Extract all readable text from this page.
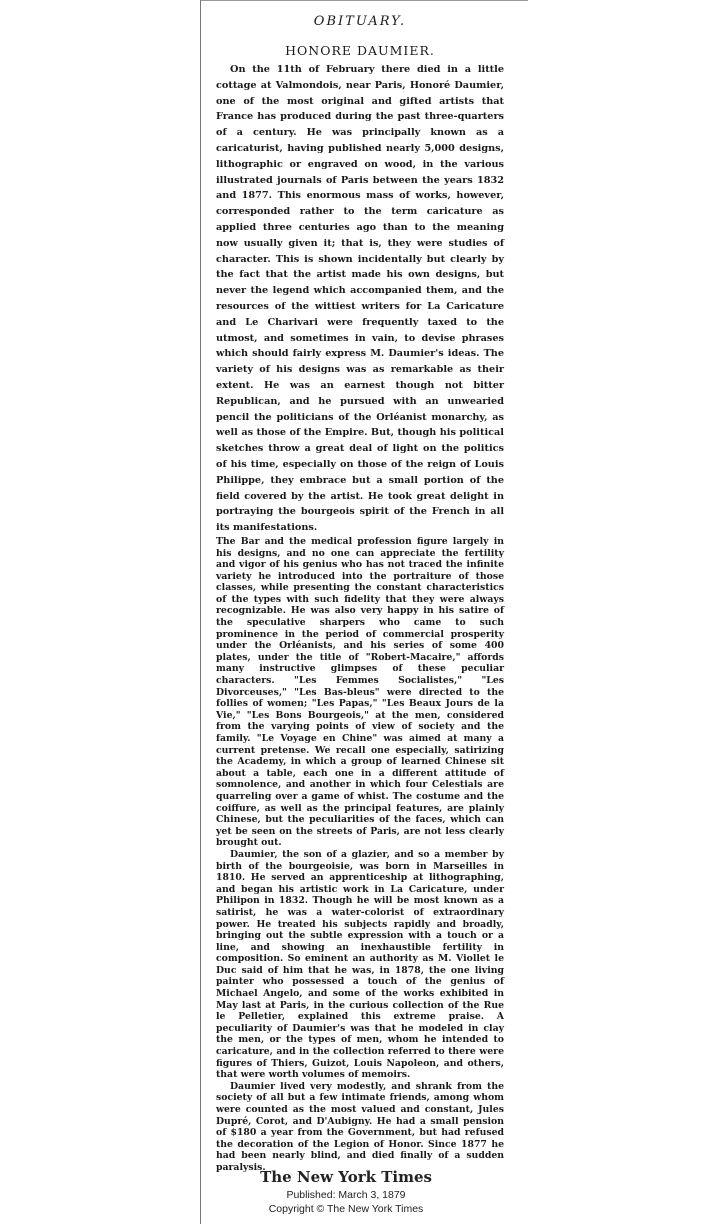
OBITUARY.
HONORE DAUMIER.

On the 11th of February there died in a little cottage at Valmondois, near Paris, Honoré Daumier, one of the most original and gifted artists that France has produced during the past three-quarters of a century. He was principally known as a caricaturist, having published nearly 5,000 designs, lithographic or engraved on wood, in the various illustrated journals of Paris between the years 1832 and 1877. This enormous mass of works, however, corresponded rather to the term caricature as applied three centuries ago than to the meaning now usually given it; that is, they were studies of character. This is shown incidentally but clearly by the fact that the artist made his own designs, but never the legend which accompanied them, and the resources of the wittiest writers for La Caricature and Le Charivari were frequently taxed to the utmost, and sometimes in vain, to devise phrases which should fairly express M. Daumier's ideas. The variety of his designs was as remarkable as their extent. He was an earnest though not bitter Republican, and he pursued with an unwearied pencil the politicians of the Orléanist monarchy, as well as those of the Empire. But, though his political sketches throw a great deal of light on the politics of his time, especially on those of the reign of Louis Philippe, they embrace but a small portion of the field covered by the artist. He took great delight in portraying the bourgeois spirit of the French in all its manifestations.

The Bar and the medical profession figure largely in his designs, and no one can appreciate the fertility and vigor of his genius who has not traced the infinite variety he introduced into the portraiture of those classes, while presenting the constant characteristics of the types with such fidelity that they were always recognizable. He was also very happy in his satire of the speculative sharpers who came to such prominence in the period of commercial prosperity under the Orléanists, and his series of some 400 plates, under the title of "Robert-Macaire," affords many instructive glimpses of these peculiar characters. "Les Femmes Socialistes," "Les Divorceuses," "Les Bas-bleus" were directed to the follies of women; "Les Papas," "Les Beaux Jours de la Vie," "Les Bons Bourgeois," at the men, considered from the varying points of view of society and the family. "Le Voyage en Chine" was aimed at many a current pretense. We recall one especially, satirizing the Academy, in which a group of learned Chinese sit about a table, each one in a different attitude of somnolence, and another in which four Celestials are quarreling over a game of whist. The costume and the coiffure, as well as the principal features, are plainly Chinese, but the peculiarities of the faces, which can yet be seen on the streets of Paris, are not less clearly brought out.

Daumier, the son of a glazier, and so a member by birth of the bourgeoisie, was born in Marseilles in 1810. He served an apprenticeship at lithographing, and began his artistic work in La Caricature, under Philipon in 1832. Though he will be most known as a satirist, he was a water-colorist of extraordinary power. He treated his subjects rapidly and broadly, bringing out the subtle expression with a touch or a line, and showing an inexhaustible fertility in composition. So eminent an authority as M. Viollet le Duc said of him that he was, in 1878, the one living painter who possessed a touch of the genius of Michael Angelo, and some of the works exhibited in May last at Paris, in the curious collection of the Rue le Pelletier, explained this extreme praise. A peculiarity of Daumier's was that he modeled in clay the men, or the types of men, whom he intended to caricature, and in the collection referred to there were figures of Thiers, Guizot, Louis Napoleon, and others, that were worth volumes of memoirs.

Daumier lived very modestly, and shrank from the society of all but a few intimate friends, among whom were counted as the most valued and constant, Jules Dupré, Corot, and D'Aubigny. He had a small pension of $180 a year from the Government, but had refused the decoration of the Legion of Honor. Since 1877 he had been nearly blind, and died finally of a sudden paralysis.

The New York Times
Published: March 3, 1879
Copyright © The New York Times
